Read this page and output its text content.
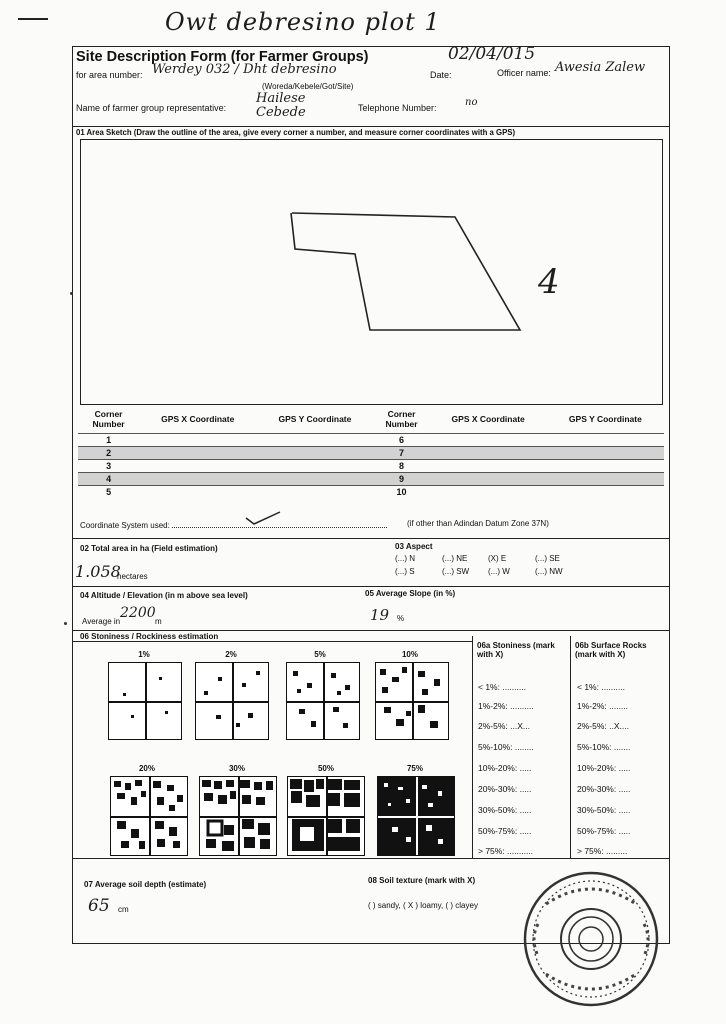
Owt debresino plot 1
Site Description Form (for Farmer Groups)	02/04/015
for area number: Werdey 032 / Dht debresino	Date:	Officer name: Awesia Zalew
(Woreda/Kebele/Got/Site)
Name of farmer group representative:
Hailese Cebede	Telephone Number:	no
01 Area Sketch (Draw the outline of the area, give every corner a number, and measure corner coordinates with a GPS)
4
Corner Number	GPS X Coordinate	GPS Y Coordinate	Corner Number	GPS X Coordinate	GPS Y Coordinate
1			6		
2			7		
3			8		
4			9		
5			10		
Coordinate System used:	(if other than Adindan Datum Zone 37N)
02 Total area in ha (Field estimation)
1.058
hectares
03 Aspect
(...) N	(...) NE	(X) E	(...) SE
(...) S	(...) SW (...) W	(...) NW
04 Altitude / Elevation (in m above sea level)
Average in
2200
m
05 Average Slope (in %)
19 %
06 Stoniness / Rockiness estimation
1%	2%	5%	10%
20%	30%	50%	75%
06a Stoniness (mark with X)
06b Surface Rocks (mark with X)
< 1%: ..........
1%-2%: ..........
2%-5%: ...X...
5%-10%: ........
10%-20%: .....
20%-30%: .....
30%-50%: .....
50%-75%: .....
> 75%: ...........
< 1%: ..........
1%-2%: ........
2%-5%: ..X....
5%-10%: .......
10%-20%: .....
20%-30%: .....
30%-50%: .....
50%-75%: .....
> 75%: .........
07 Average soil depth (estimate)
65 cm
08 Soil texture (mark with X)
( ) sandy, ( X ) loamy, ( ) clayey
